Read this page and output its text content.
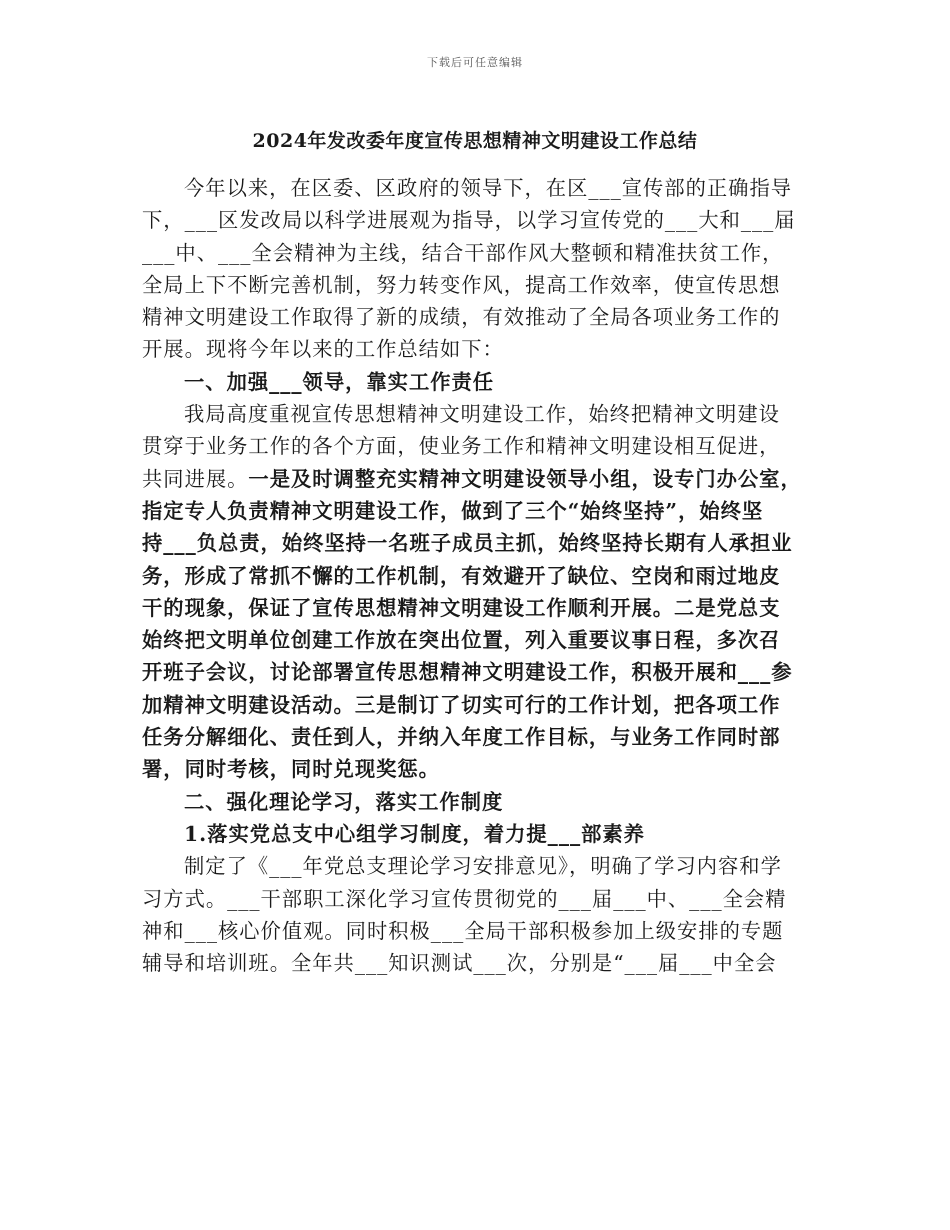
下载后可任意编辑
2024年发改委年度宣传思想精神文明建设工作总结
今年以来，在区委、区政府的领导下，在区___宣传部的正确指导
下，___区发改局以科学进展观为指导，以学习宣传党的___大和___届
___中、___全会精神为主线，结合干部作风大整顿和精准扶贫工作，
全局上下不断完善机制，努力转变作风，提高工作效率，使宣传思想
精神文明建设工作取得了新的成绩，有效推动了全局各项业务工作的
开展。现将今年以来的工作总结如下：
一、加强___领导，靠实工作责任
我局高度重视宣传思想精神文明建设工作，始终把精神文明建设
贯穿于业务工作的各个方面，使业务工作和精神文明建设相互促进，
共同进展。一是及时调整充实精神文明建设领导小组，设专门办公室，
指定专人负责精神文明建设工作，做到了三个“始终坚持”，始终坚
持___负总责，始终坚持一名班子成员主抓，始终坚持长期有人承担业
务，形成了常抓不懈的工作机制，有效避开了缺位、空岗和雨过地皮
干的现象，保证了宣传思想精神文明建设工作顺利开展。二是党总支
始终把文明单位创建工作放在突出位置，列入重要议事日程，多次召
开班子会议，讨论部署宣传思想精神文明建设工作，积极开展和___参
加精神文明建设活动。三是制订了切实可行的工作计划，把各项工作
任务分解细化、责任到人，并纳入年度工作目标，与业务工作同时部
署，同时考核，同时兑现奖惩。
二、强化理论学习，落实工作制度
1.落实党总支中心组学习制度，着力提___部素养
制定了《___年党总支理论学习安排意见》，明确了学习内容和学
习方式。___干部职工深化学习宣传贯彻党的___届___中、___全会精
神和___核心价值观。同时积极___全局干部积极参加上级安排的专题
辅导和培训班。全年共___知识测试___次，分别是“___届___中全会
